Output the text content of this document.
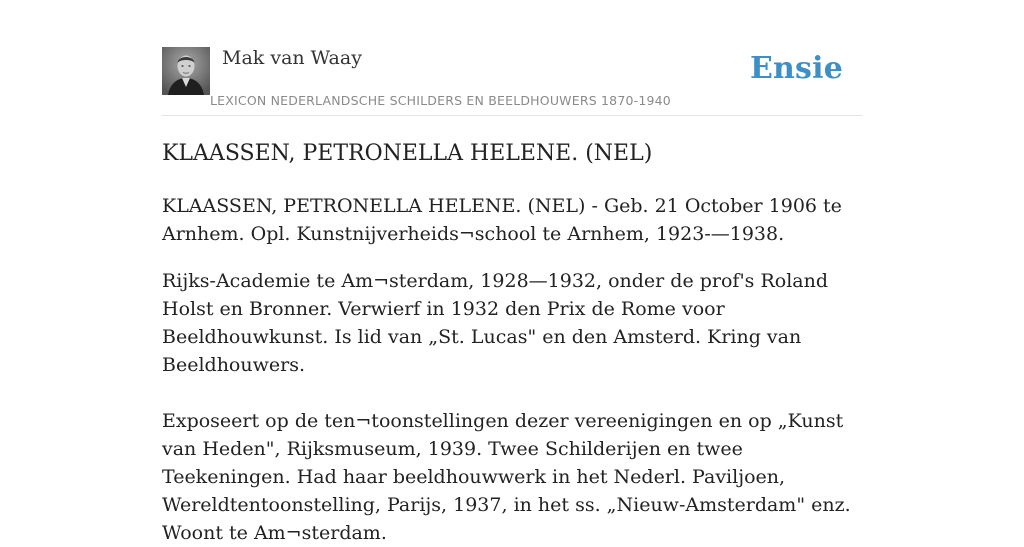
Mak van Waay
LEXICON NEDERLANDSCHE SCHILDERS EN BEELDHOUWERS 1870-1940
Ensie
KLAASSEN, PETRONELLA HELENE. (NEL)

KLAASSEN, PETRONELLA HELENE. (NEL) - Geb. 21 October 1906 te Arnhem. Opl. Kunstnijverheids¬school te Arnhem, 1923-—1938.

Rijks-Academie te Am¬sterdam, 1928—1932, onder de prof's Roland Holst en Bronner. Verwierf in 1932 den Prix de Rome voor Beeldhouwkunst. Is lid van „St. Lucas" en den Amsterd. Kring van Beeldhouwers.

Exposeert op de ten¬toonstellingen dezer vereenigingen en op „Kunst van Heden", Rijksmuseum, 1939. Twee Schilderijen en twee Teekeningen. Had haar beeldhouwwerk in het Nederl. Paviljoen, Wereldtentoonstelling, Parijs, 1937, in het ss. „Nieuw-Amsterdam" enz. Woont te Am¬sterdam.
